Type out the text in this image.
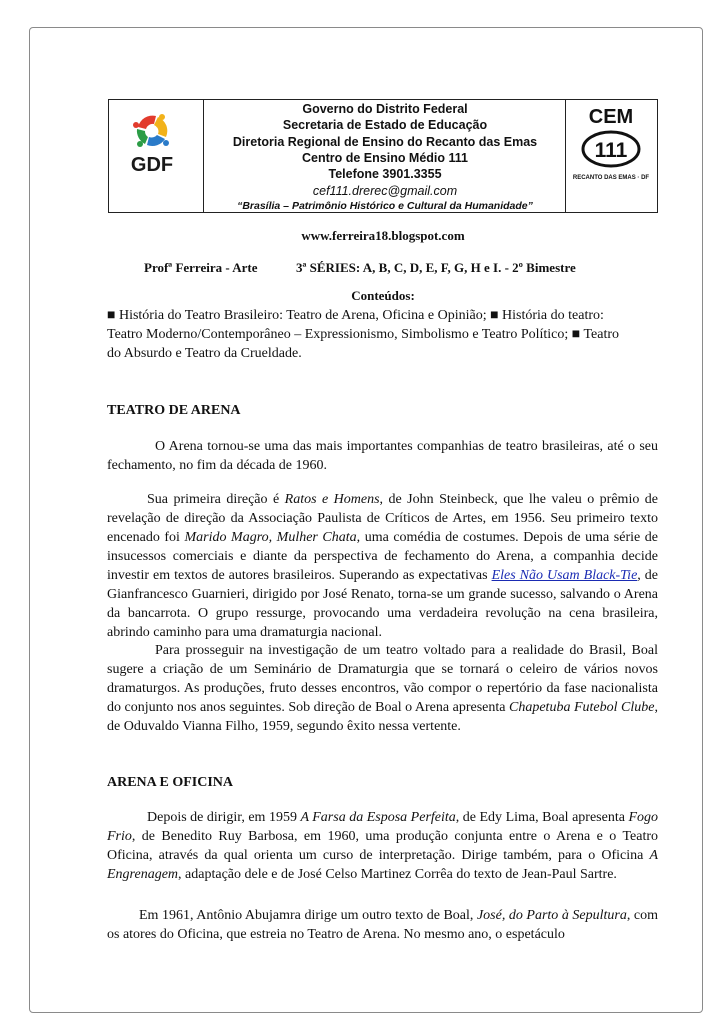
GDF
CEM
111
RECANTO DAS EMAS · DF
Governo do Distrito Federal
Secretaria de Estado de Educação
Diretoria Regional de Ensino do Recanto das Emas
Centro de Ensino Médio 111
Telefone 3901.3355
cef111.drerec@gmail.com
“Brasília – Patrimônio Histórico e Cultural da Humanidade”
www.ferreira18.blogspot.com
Profª Ferreira - Arte	3ª SÉRIES: A, B, C, D, E, F, G, H e I. - 2º Bimestre
Conteúdos:
■ História do Teatro Brasileiro: Teatro de Arena, Oficina e Opinião; ■ História do teatro:
Teatro Moderno/Contemporâneo – Expressionismo, Simbolismo e Teatro Político; ■ Teatro
do Absurdo e Teatro da Crueldade.
TEATRO DE ARENA
O Arena tornou-se uma das mais importantes companhias de teatro brasileiras, até o seu fechamento, no fim da década de 1960.
Sua primeira direção é Ratos e Homens, de John Steinbeck, que lhe valeu o prêmio de revelação de direção da Associação Paulista de Críticos de Artes, em 1956. Seu primeiro texto encenado foi Marido Magro, Mulher Chata, uma comédia de costumes. Depois de uma série de insucessos comerciais e diante da perspectiva de fechamento do Arena, a companhia decide investir em textos de autores brasileiros. Superando as expectativas Eles Não Usam Black-Tie, de Gianfrancesco Guarnieri, dirigido por José Renato, torna-se um grande sucesso, salvando o Arena da bancarrota. O grupo ressurge, provocando uma verdadeira revolução na cena brasileira, abrindo caminho para uma dramaturgia nacional.
Para prosseguir na investigação de um teatro voltado para a realidade do Brasil, Boal sugere a criação de um Seminário de Dramaturgia que se tornará o celeiro de vários novos dramaturgos. As produções, fruto desses encontros, vão compor o repertório da fase nacionalista do conjunto nos anos seguintes. Sob direção de Boal o Arena apresenta Chapetuba Futebol Clube, de Oduvaldo Vianna Filho, 1959, segundo êxito nessa vertente.
ARENA E OFICINA
Depois de dirigir, em 1959 A Farsa da Esposa Perfeita, de Edy Lima, Boal apresenta Fogo Frio, de Benedito Ruy Barbosa, em 1960, uma produção conjunta entre o Arena e o Teatro Oficina, através da qual orienta um curso de interpretação. Dirige também, para o Oficina A Engrenagem, adaptação dele e de José Celso Martinez Corrêa do texto de Jean-Paul Sartre.
Em 1961, Antônio Abujamra dirige um outro texto de Boal, José, do Parto à Sepultura, com os atores do Oficina, que estreia no Teatro de Arena. No mesmo ano, o espetáculo
